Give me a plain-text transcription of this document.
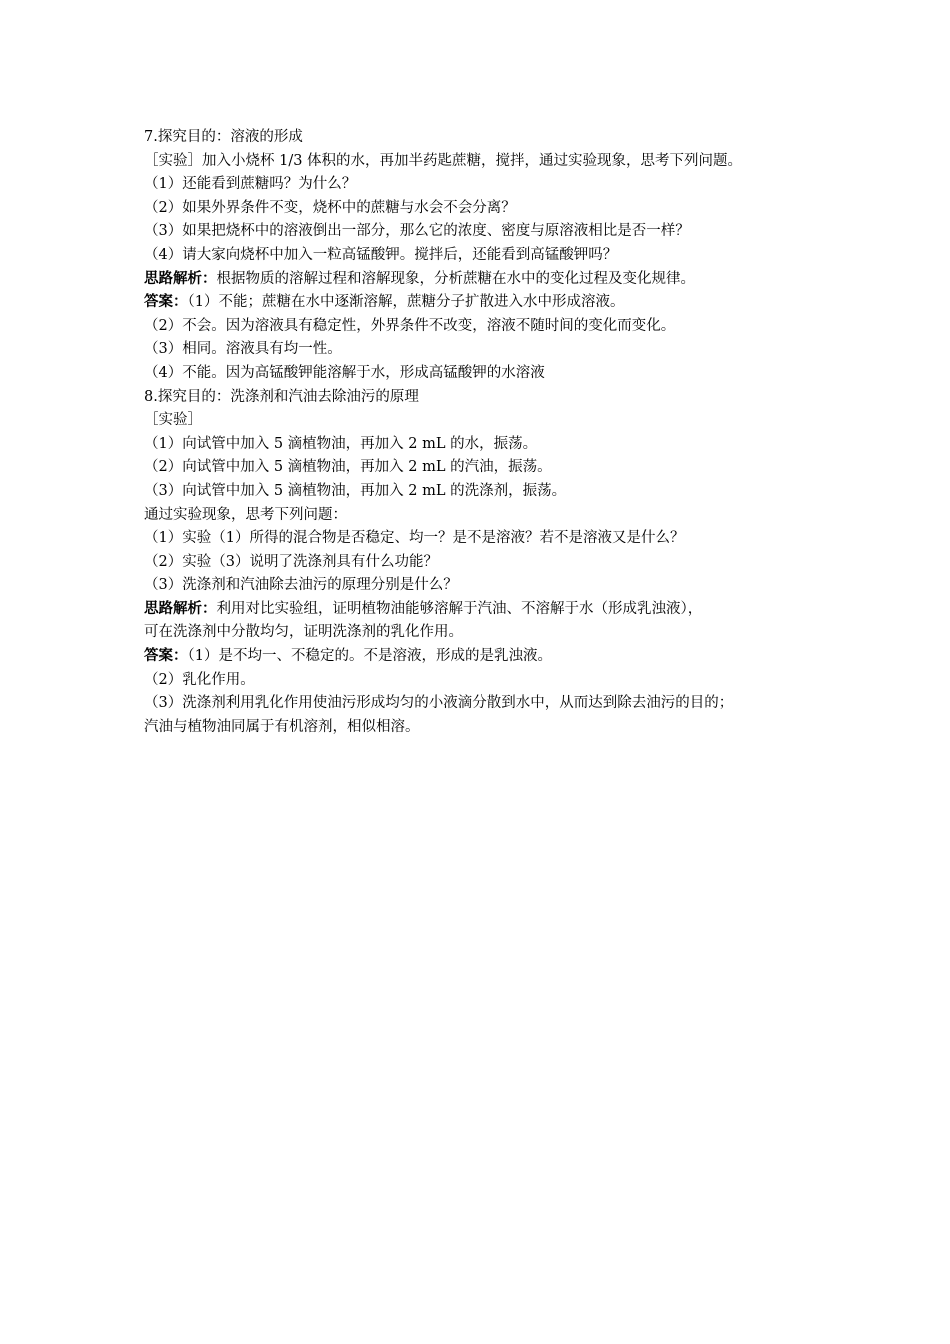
7.探究目的：溶液的形成

［实验］加入小烧杯 1/3 体积的水，再加半药匙蔗糖，搅拌，通过实验现象，思考下列问题。

（1）还能看到蔗糖吗？为什么？

（2）如果外界条件不变，烧杯中的蔗糖与水会不会分离？

（3）如果把烧杯中的溶液倒出一部分，那么它的浓度、密度与原溶液相比是否一样？

（4）请大家向烧杯中加入一粒高锰酸钾。搅拌后，还能看到高锰酸钾吗？

思路解析：根据物质的溶解过程和溶解现象，分析蔗糖在水中的变化过程及变化规律。

答案：（1）不能；蔗糖在水中逐渐溶解，蔗糖分子扩散进入水中形成溶液。

（2）不会。因为溶液具有稳定性，外界条件不改变，溶液不随时间的变化而变化。

（3）相同。溶液具有均一性。

（4）不能。因为高锰酸钾能溶解于水，形成高锰酸钾的水溶液

8.探究目的：洗涤剂和汽油去除油污的原理

［实验］

（1）向试管中加入 5 滴植物油，再加入 2 mL 的水，振荡。

（2）向试管中加入 5 滴植物油，再加入 2 mL 的汽油，振荡。

（3）向试管中加入 5 滴植物油，再加入 2 mL 的洗涤剂，振荡。

通过实验现象，思考下列问题：

（1）实验（1）所得的混合物是否稳定、均一？是不是溶液？若不是溶液又是什么？

（2）实验（3）说明了洗涤剂具有什么功能？

（3）洗涤剂和汽油除去油污的原理分别是什么？

思路解析：利用对比实验组，证明植物油能够溶解于汽油、不溶解于水（形成乳浊液），

可在洗涤剂中分散均匀，证明洗涤剂的乳化作用。

答案：（1）是不均一、不稳定的。不是溶液，形成的是乳浊液。

（2）乳化作用。

（3）洗涤剂利用乳化作用使油污形成均匀的小液滴分散到水中，从而达到除去油污的目的；

汽油与植物油同属于有机溶剂，相似相溶。
